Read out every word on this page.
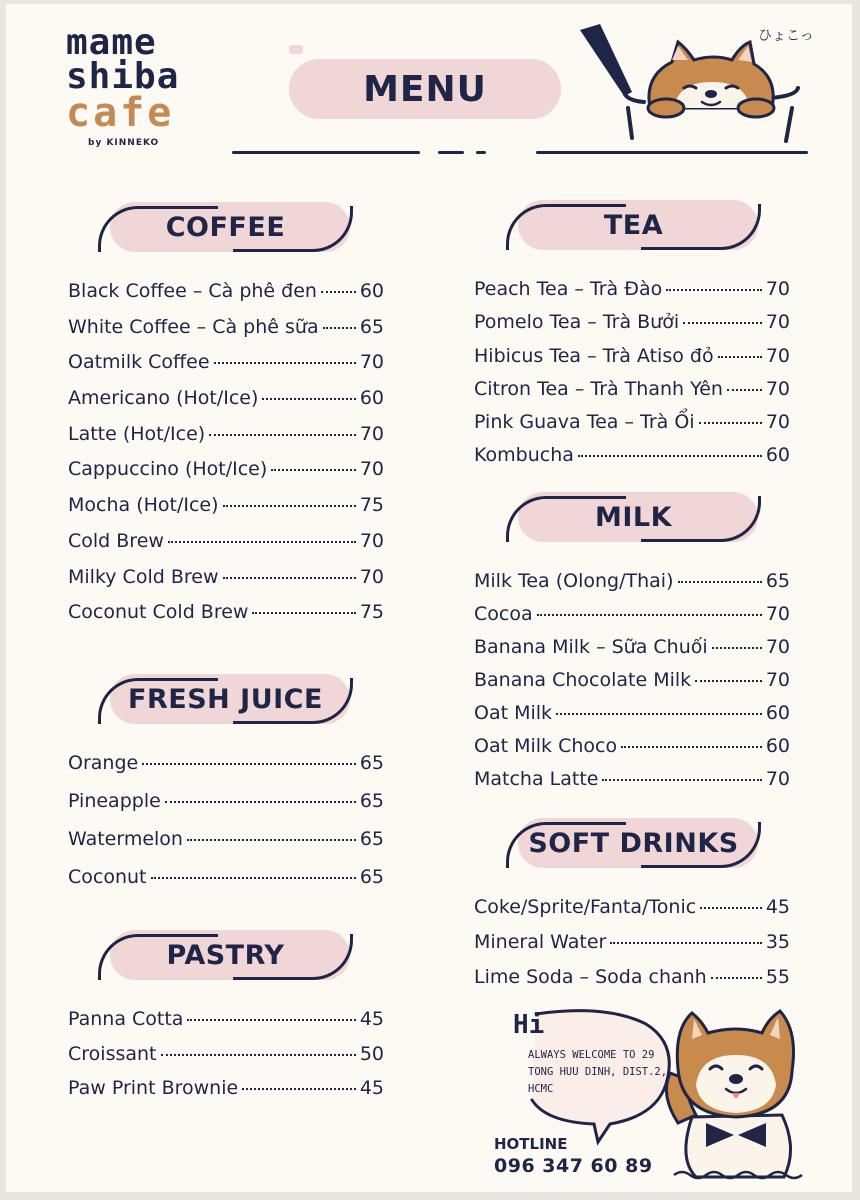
mame
shiba
cafe
by KINNEKO
MENU
ひょこっ
COFFEE
Black Coffee – Cà phê đen 60
White Coffee – Cà phê sữa 65
Oatmilk Coffee	70
Americano (Hot/Ice)	60
Latte (Hot/Ice)	70
Cappuccino (Hot/Ice)	70
Mocha (Hot/Ice)	75
Cold Brew	70
Milky Cold Brew	70
Coconut Cold Brew	75
FRESH JUICE
Orange	65
Pineapple	65
Watermelon	65
Coconut	65
PASTRY
Panna Cotta	45
Croissant	50
Paw Print Brownie	45
TEA
Peach Tea – Trà Đào	70
Pomelo Tea – Trà Bưởi	70
Hibicus Tea – Trà Atiso đỏ	70
Citron Tea – Trà Thanh Yên 70
Pink Guava Tea – Trà Ổi	70
Kombucha	60
MILK
Milk Tea (Olong/Thai)	65
Cocoa	70
Banana Milk – Sữa Chuối	70
Banana Chocolate Milk	70
Oat Milk	60
Oat Milk Choco	60
Matcha Latte	70
SOFT DRINKS
Coke/Sprite/Fanta/Tonic	45
Mineral Water	35
Lime Soda – Soda chanh	55
Hi
ALWAYS WELCOME TO 29 TONG HUU DINH, DIST.2, HCMC
HOTLINE
096 347 60 89
